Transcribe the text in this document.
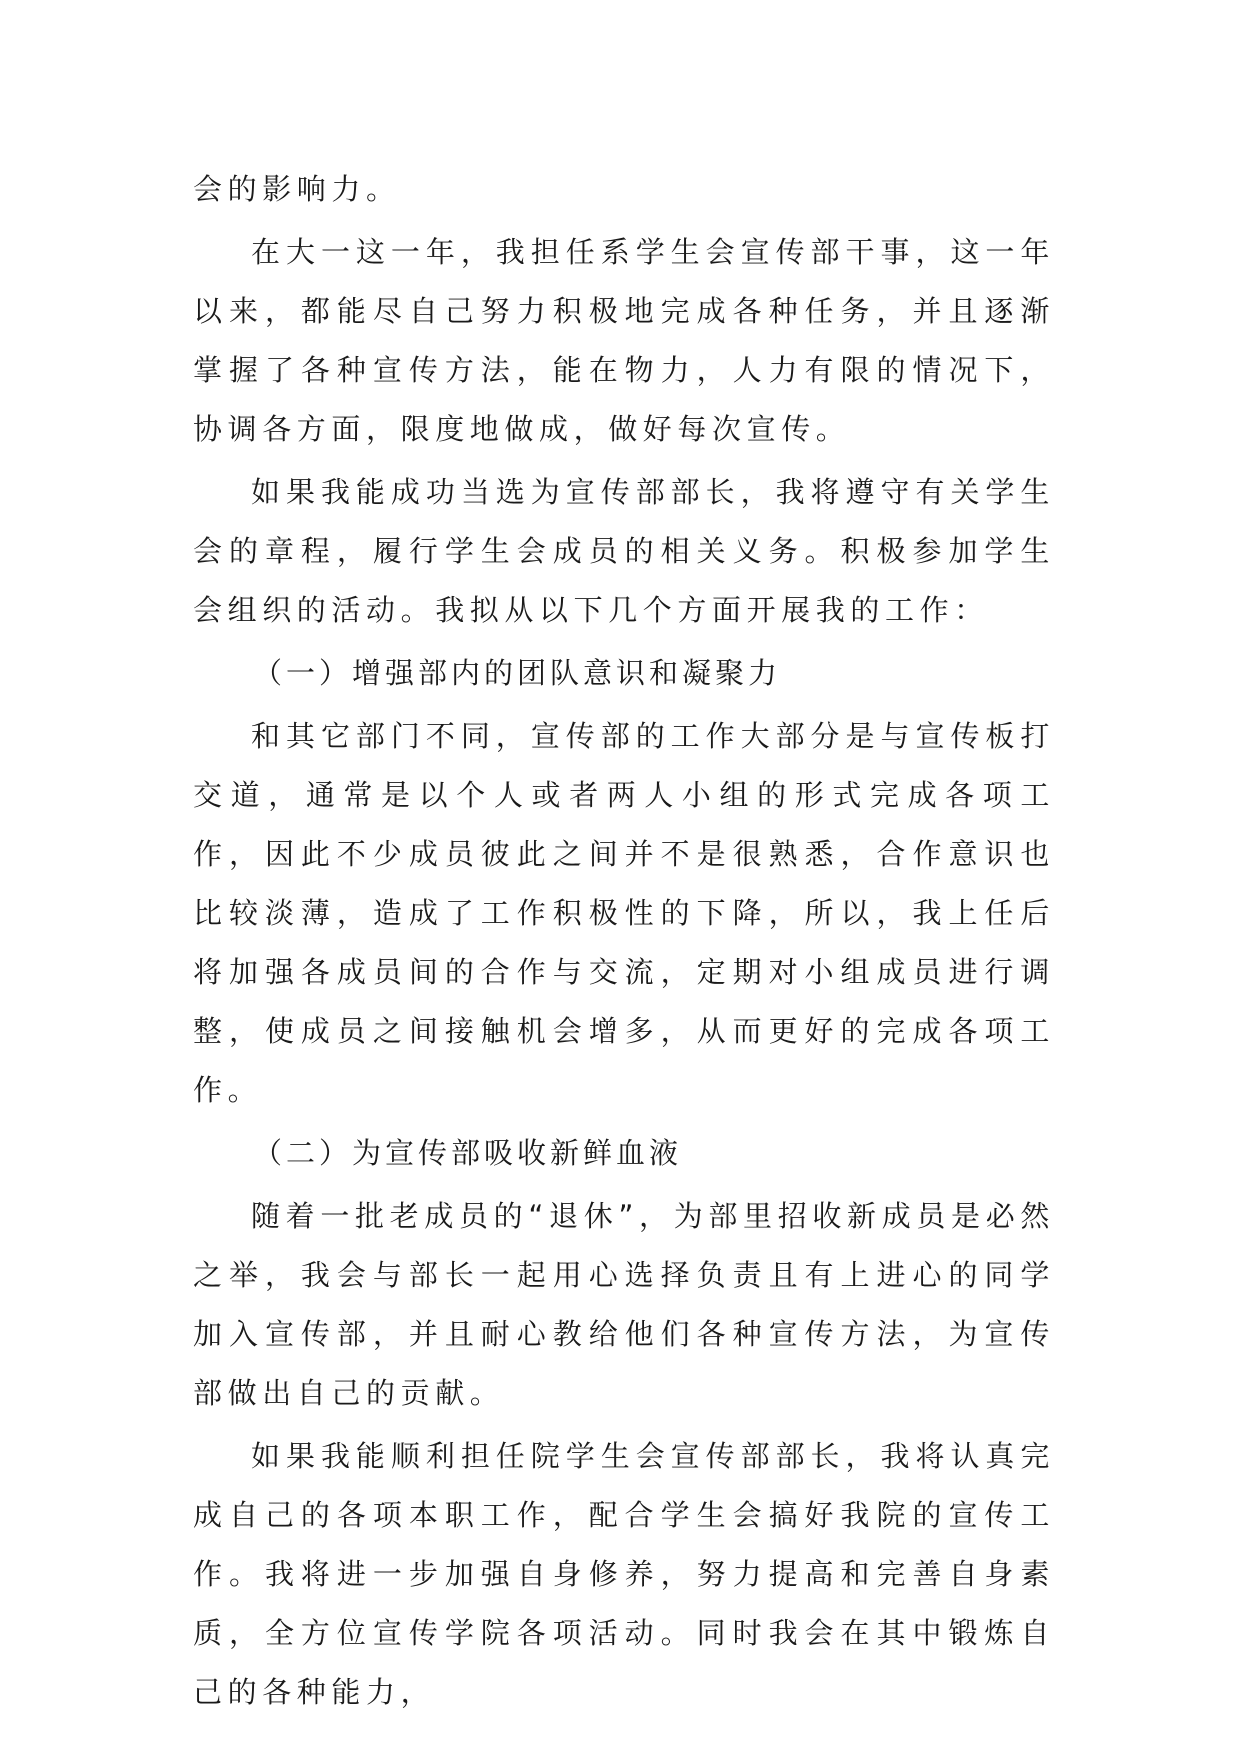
会的影响力。

在大一这一年，我担任系学生会宣传部干事，这一年以来，都能尽自己努力积极地完成各种任务，并且逐渐掌握了各种宣传方法，能在物力，人力有限的情况下，协调各方面，限度地做成，做好每次宣传。

如果我能成功当选为宣传部部长，我将遵守有关学生会的章程，履行学生会成员的相关义务。积极参加学生会组织的活动。我拟从以下几个方面开展我的工作：

（一）增强部内的团队意识和凝聚力

和其它部门不同，宣传部的工作大部分是与宣传板打交道，通常是以个人或者两人小组的形式完成各项工作，因此不少成员彼此之间并不是很熟悉，合作意识也比较淡薄，造成了工作积极性的下降，所以，我上任后将加强各成员间的合作与交流，定期对小组成员进行调整，使成员之间接触机会增多，从而更好的完成各项工作。

（二）为宣传部吸收新鲜血液

随着一批老成员的“退休”，为部里招收新成员是必然之举，我会与部长一起用心选择负责且有上进心的同学加入宣传部，并且耐心教给他们各种宣传方法，为宣传部做出自己的贡献。

如果我能顺利担任院学生会宣传部部长，我将认真完成自己的各项本职工作，配合学生会搞好我院的宣传工作。我将进一步加强自身修养，努力提高和完善自身素质，全方位宣传学院各项活动。同时我会在其中锻炼自己的各种能力，
